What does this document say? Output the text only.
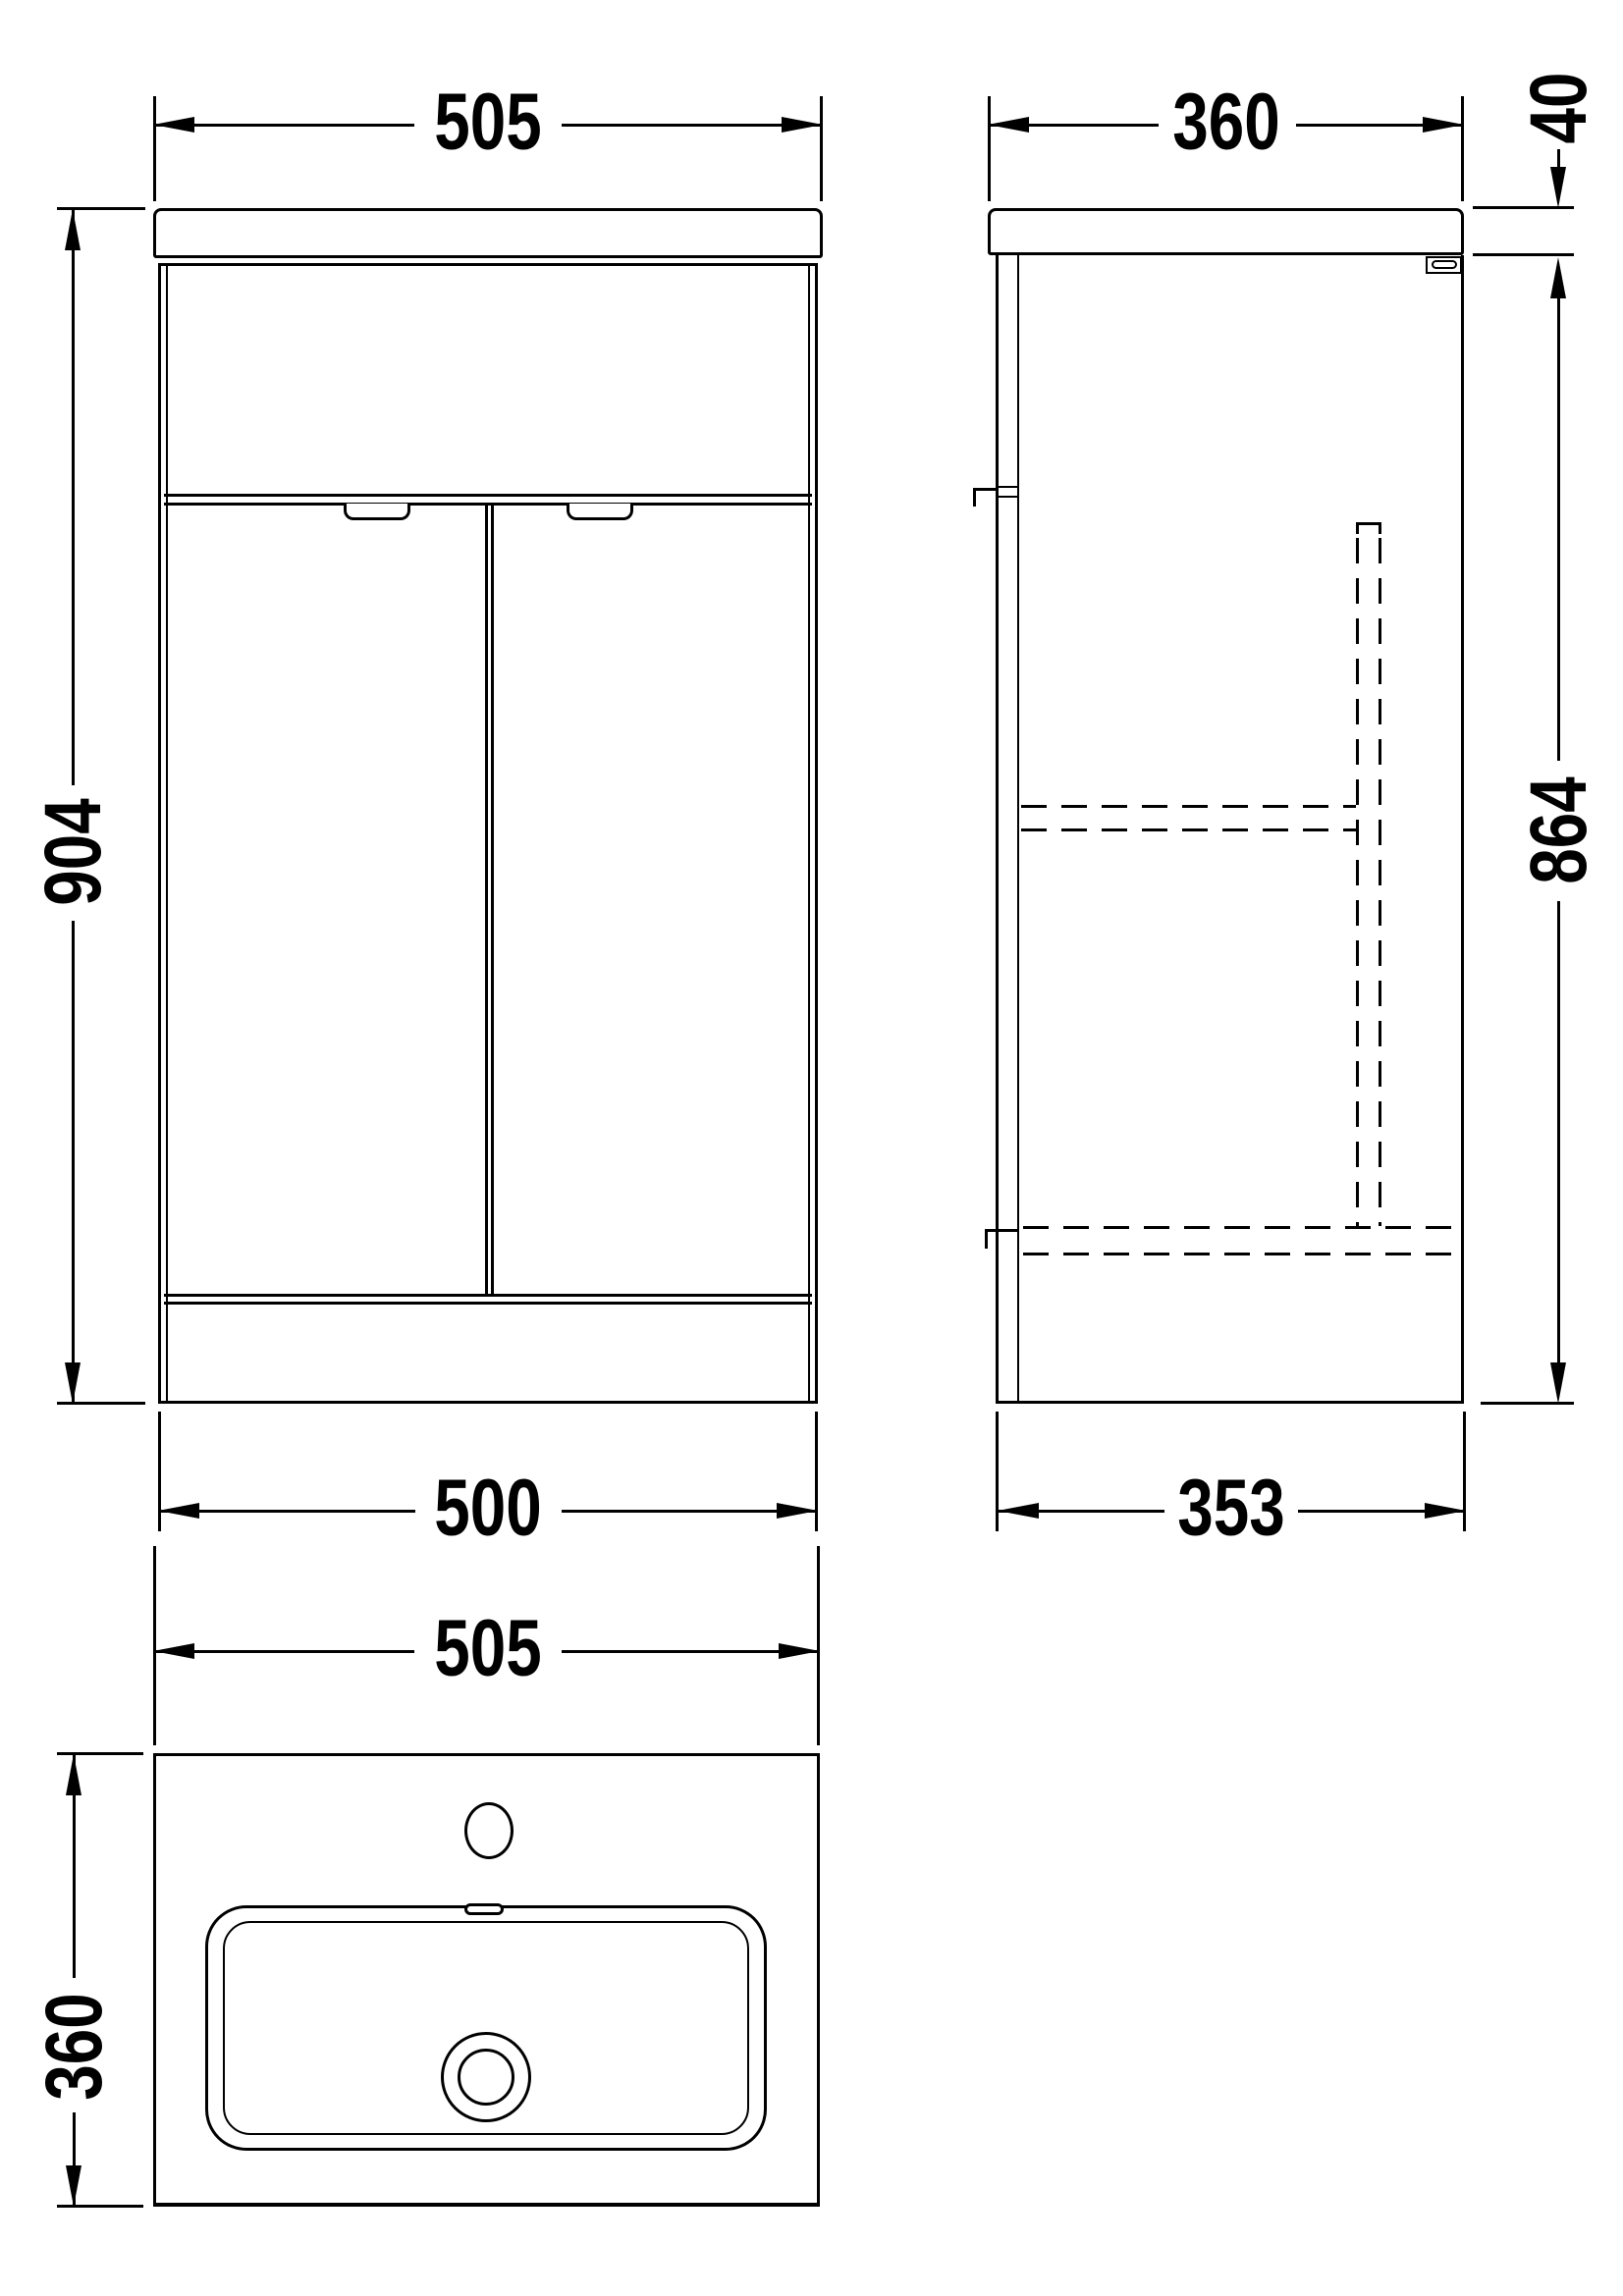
505
904
500
360	40
864
353
505
360
